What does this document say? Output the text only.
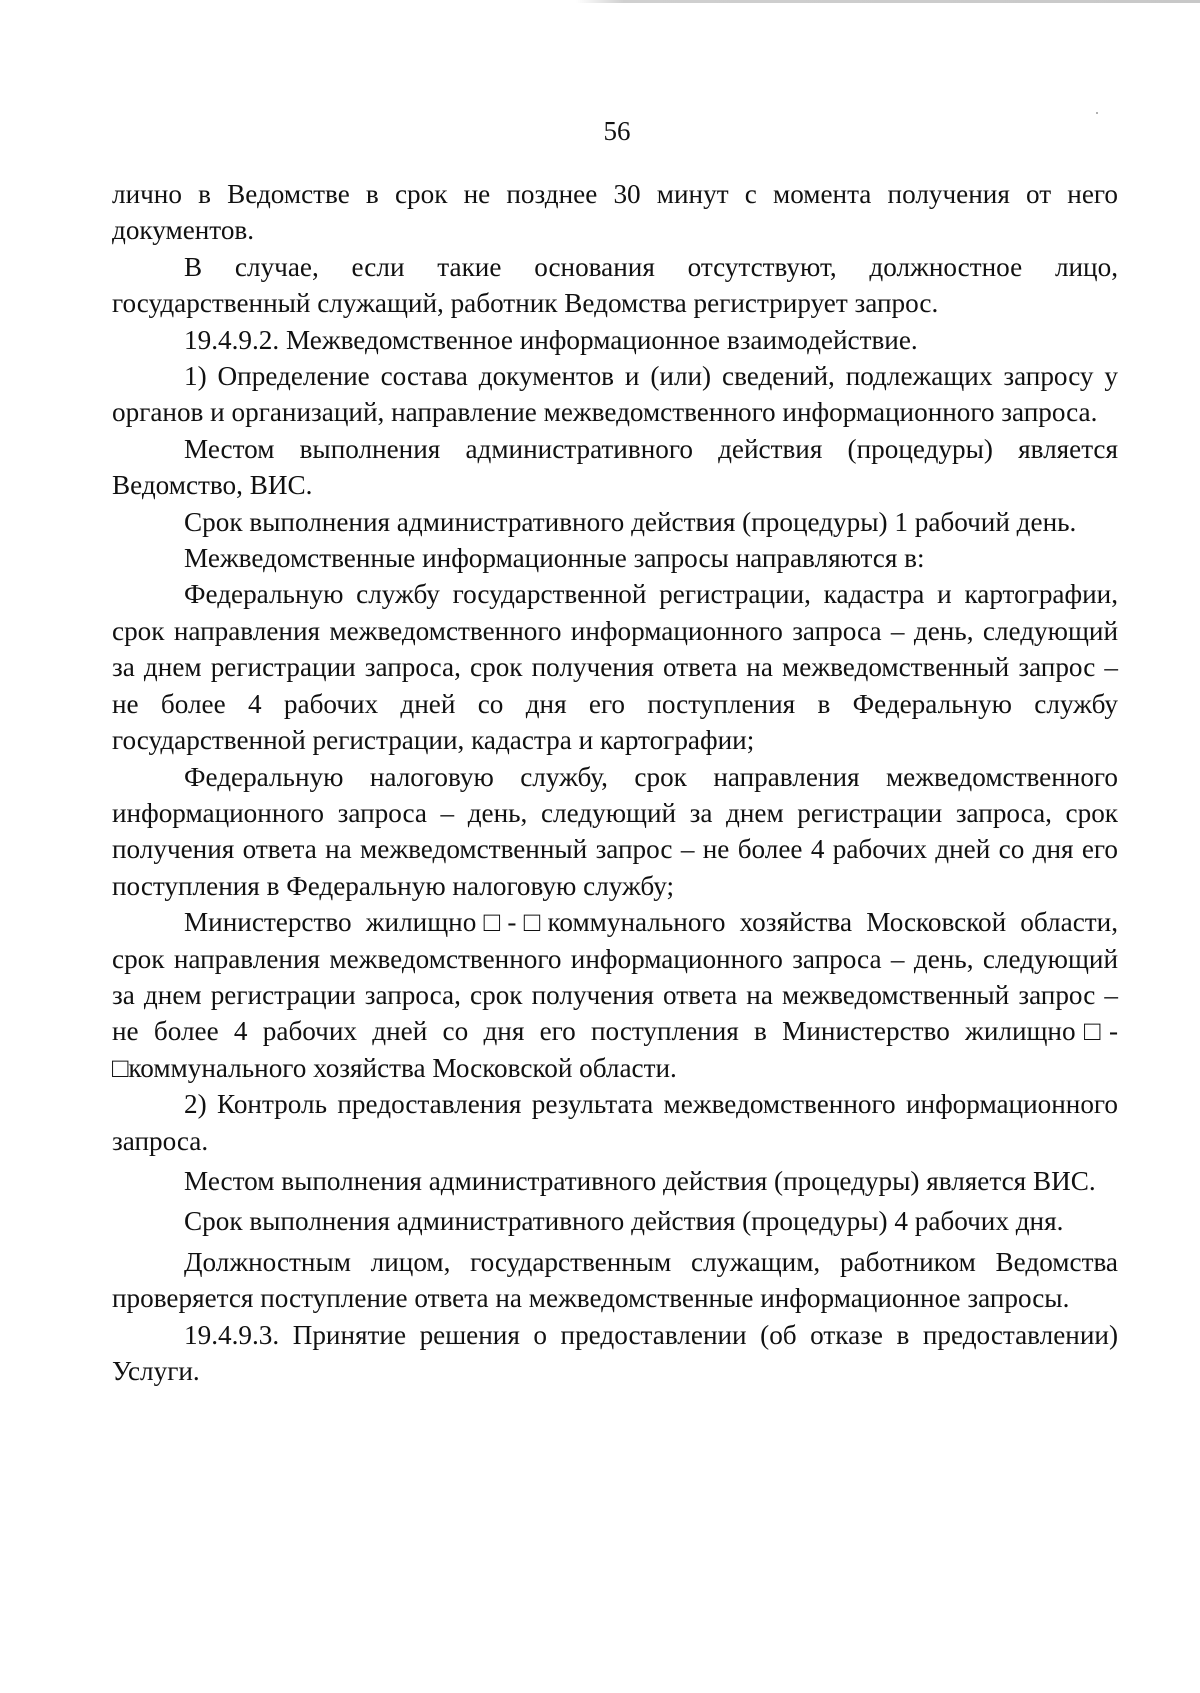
56

лично в Ведомстве в срок не позднее 30 минут с момента получения от него документов.

В случае, если такие основания отсутствуют, должностное лицо, государственный служащий, работник Ведомства регистрирует запрос.

19.4.9.2. Межведомственное информационное взаимодействие.

1) Определение состава документов и (или) сведений, подлежащих запросу у органов и организаций, направление межведомственного информационного запроса.

Местом выполнения административного действия (процедуры) является Ведомство, ВИС.

Срок выполнения административного действия (процедуры) 1 рабочий день.

Межведомственные информационные запросы направляются в:

Федеральную службу государственной регистрации, кадастра и картографии, срок направления межведомственного информационного запроса – день, следующий за днем регистрации запроса, срок получения ответа на межведомственный запрос – не более 4 рабочих дней со дня его поступления в Федеральную службу государственной регистрации, кадастра и картографии;

Федеральную налоговую службу, срок направления межведомственного информационного запроса – день, следующий за днем регистрации запроса, срок получения ответа на межведомственный запрос – не более 4 рабочих дней со дня его поступления в Федеральную налоговую службу;

Министерство жилищно□-□коммунального хозяйства Московской области, срок направления межведомственного информационного запроса – день, следующий за днем регистрации запроса, срок получения ответа на межведомственный запрос – не более 4 рабочих дней со дня его поступления в Министерство жилищно□-□коммунального хозяйства Московской области.

2) Контроль предоставления результата межведомственного информационного запроса.

Местом выполнения административного действия (процедуры) является ВИС.

Срок выполнения административного действия (процедуры) 4 рабочих дня.

Должностным лицом, государственным служащим, работником Ведомства проверяется поступление ответа на межведомственные информационное запросы.

19.4.9.3. Принятие решения о предоставлении (об отказе в предоставлении) Услуги.
